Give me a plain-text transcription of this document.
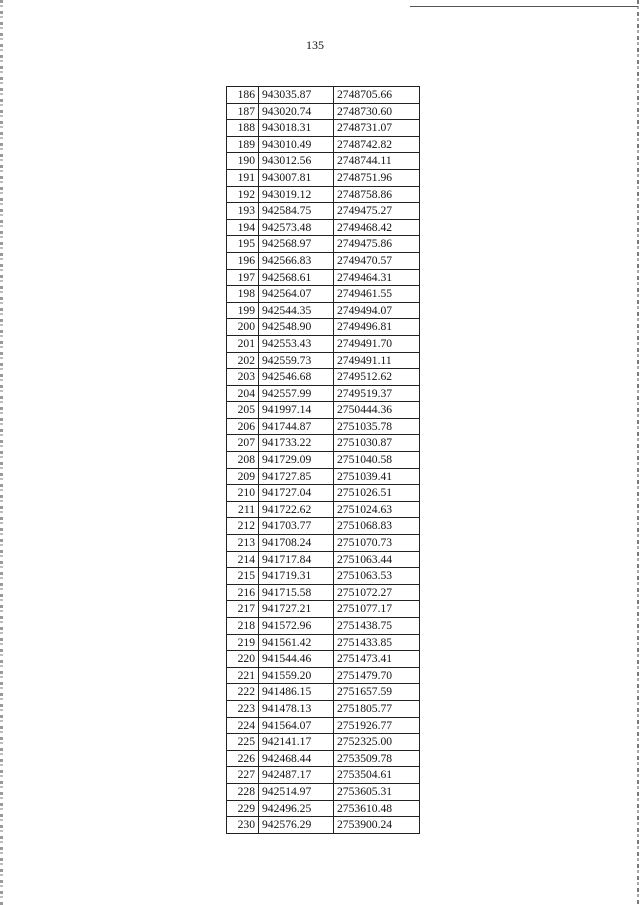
135
186	943035.87	2748705.66
187	943020.74	2748730.60
188	943018.31	2748731.07
189	943010.49	2748742.82
190	943012.56	2748744.11
191	943007.81	2748751.96
192	943019.12	2748758.86
193	942584.75	2749475.27
194	942573.48	2749468.42
195	942568.97	2749475.86
196	942566.83	2749470.57
197	942568.61	2749464.31
198	942564.07	2749461.55
199	942544.35	2749494.07
200	942548.90	2749496.81
201	942553.43	2749491.70
202	942559.73	2749491.11
203	942546.68	2749512.62
204	942557.99	2749519.37
205	941997.14	2750444.36
206	941744.87	2751035.78
207	941733.22	2751030.87
208	941729.09	2751040.58
209	941727.85	2751039.41
210	941727.04	2751026.51
211	941722.62	2751024.63
212	941703.77	2751068.83
213	941708.24	2751070.73
214	941717.84	2751063.44
215	941719.31	2751063.53
216	941715.58	2751072.27
217	941727.21	2751077.17
218	941572.96	2751438.75
219	941561.42	2751433.85
220	941544.46	2751473.41
221	941559.20	2751479.70
222	941486.15	2751657.59
223	941478.13	2751805.77
224	941564.07	2751926.77
225	942141.17	2752325.00
226	942468.44	2753509.78
227	942487.17	2753504.61
228	942514.97	2753605.31
229	942496.25	2753610.48
230	942576.29	2753900.24
